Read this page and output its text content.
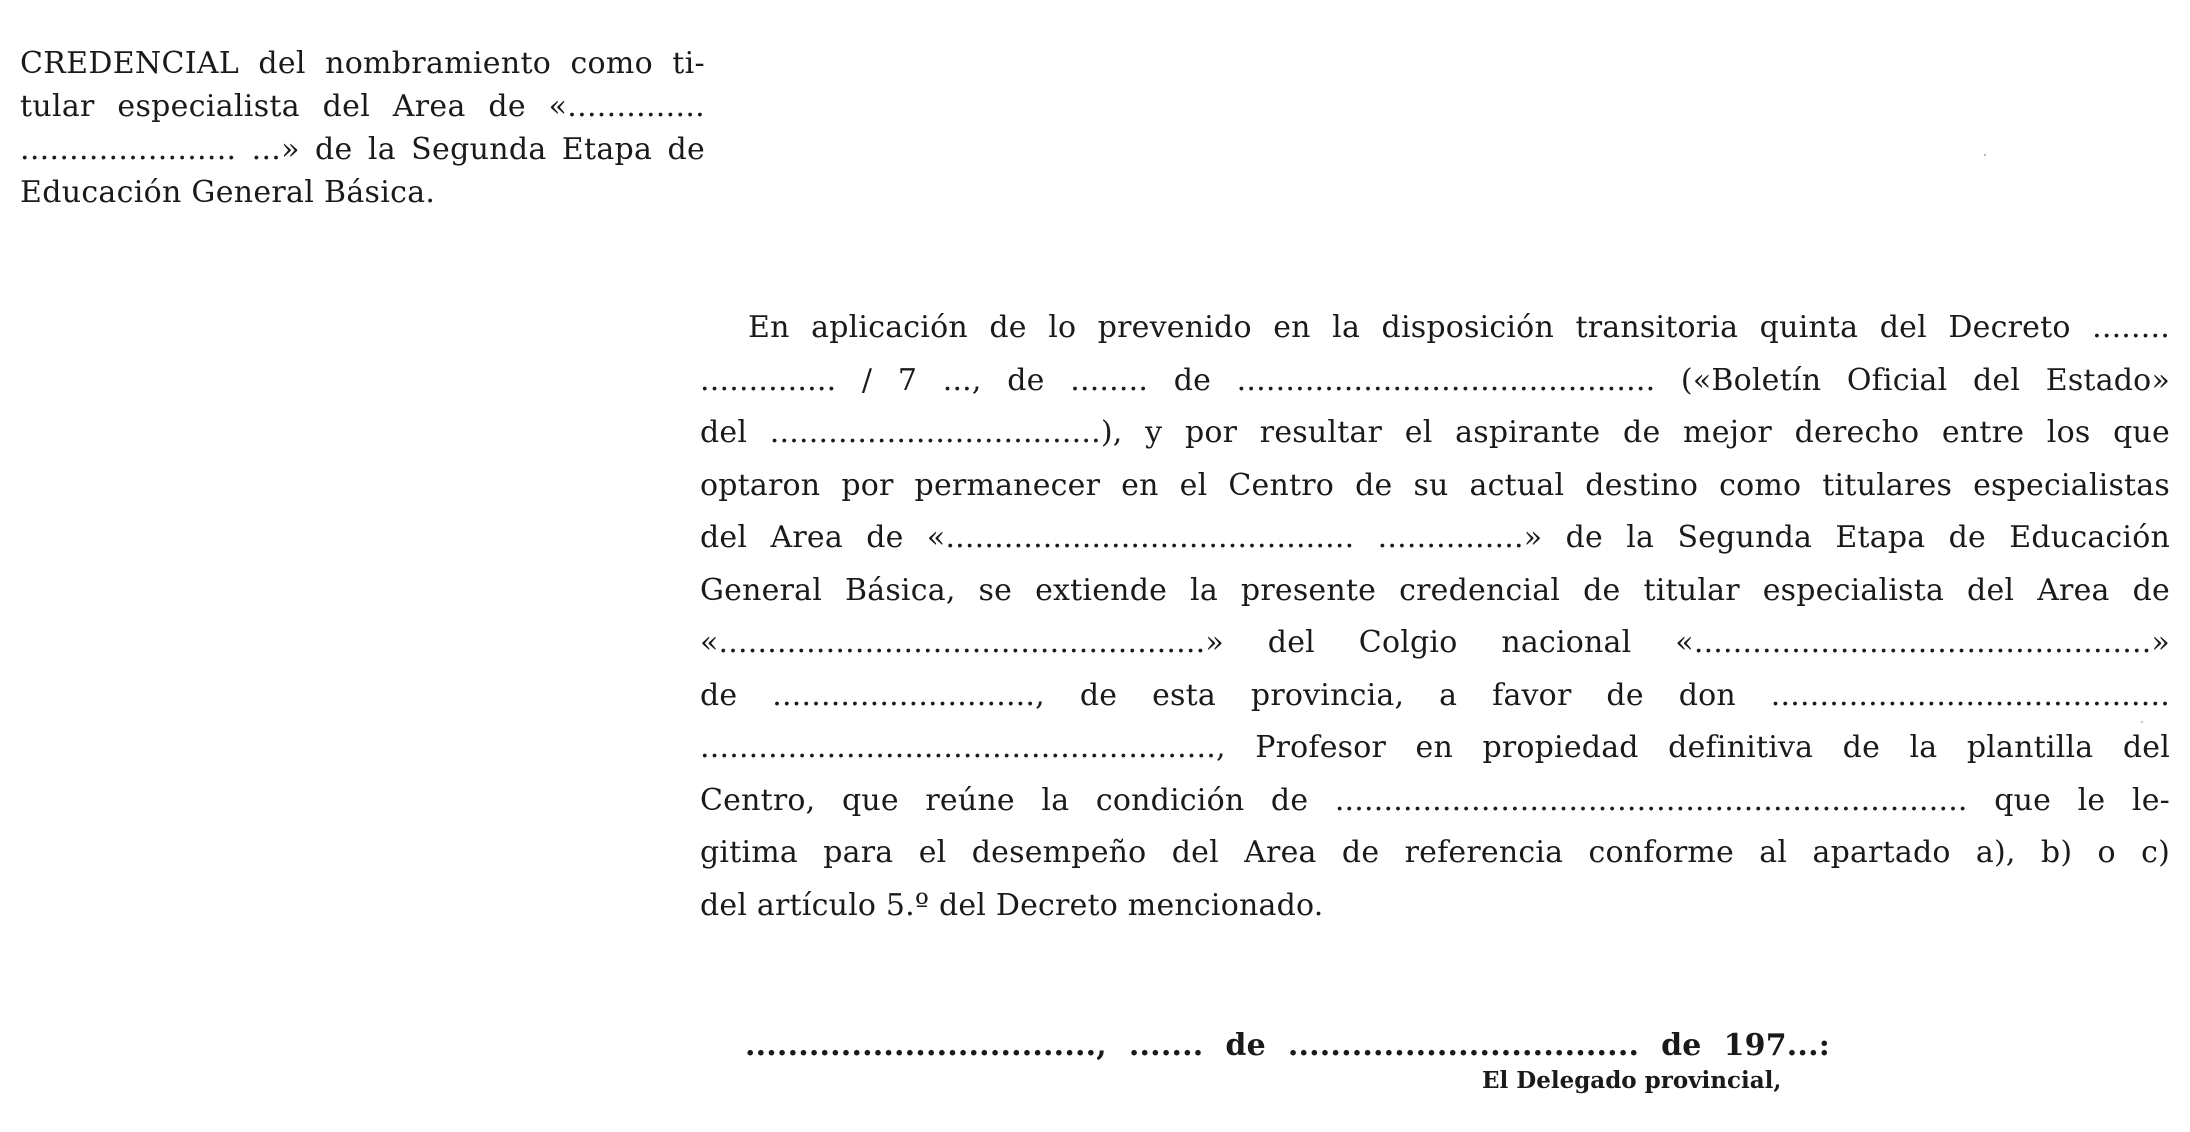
CREDENCIAL del nombramiento como ti-
tular especialista del Area de «..............
...................... ...» de la Segunda Etapa de
Educación General Básica.
En aplicación de lo prevenido en la disposición transitoria quinta del Decreto ........
.............. / 7 ..., de ........ de ........................................... («Boletín Oficial del Estado»
del ..................................), y por resultar el aspirante de mejor derecho entre los que
optaron por permanecer en el Centro de su actual destino como titulares especialistas
del Area de «.......................................... ...............» de la Segunda Etapa de Educación
General Básica, se extiende la presente credencial de titular especialista del Area de
«..................................................» del Colgio nacional «...............................................»
de ..........................., de esta provincia, a favor de don .........................................
....................................................., Profesor en propiedad definitiva de la plantilla del
Centro, que reúne la condición de ................................................................. que le le-
gitima para el desempeño del Area de referencia conforme al apartado a), b) o c)
del artículo 5.º del Decreto mencionado.
................................., ....... de ................................. de 197...:
El Delegado provincial,
